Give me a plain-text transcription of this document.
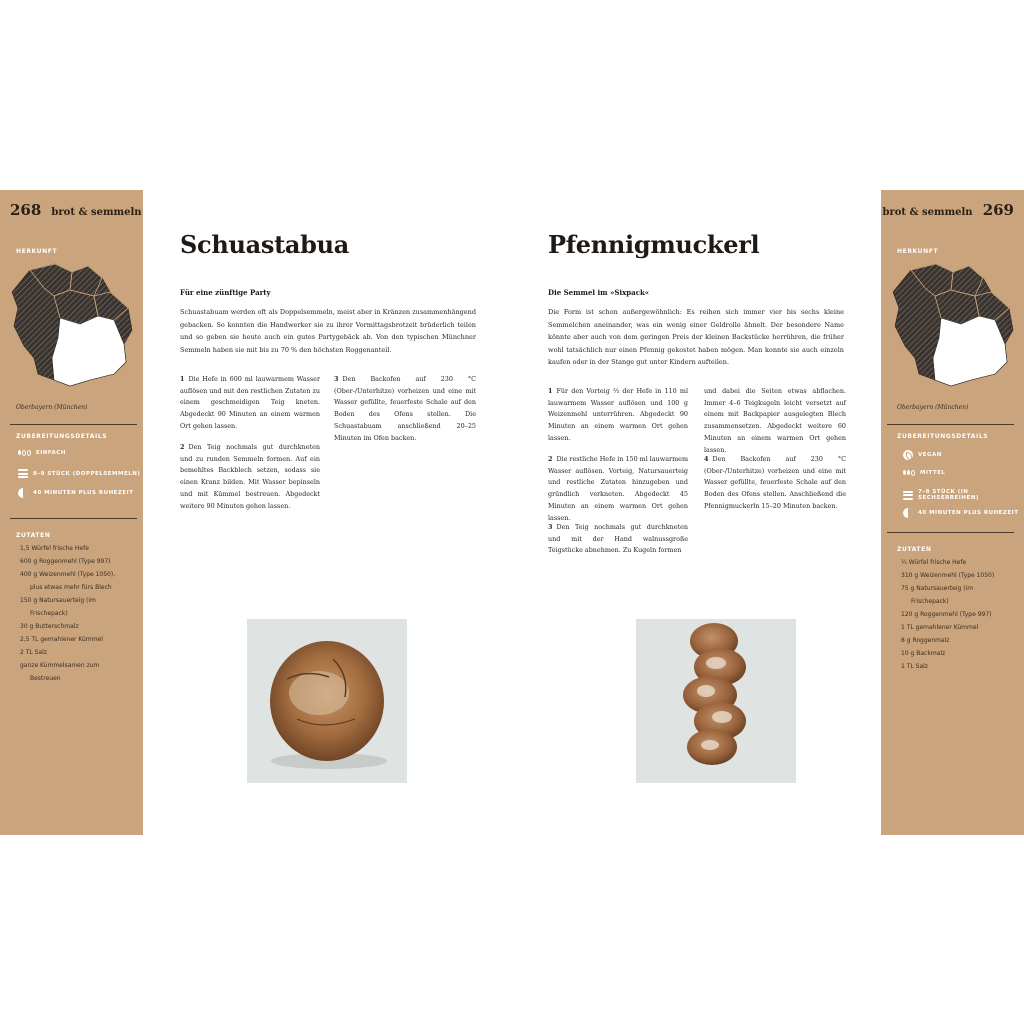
268 brot & semmeln
HERKUNFT
Oberbayern (München)
ZUBEREITUNGSDETAILS
EINFACH
8–9 STÜCK (DOPPELSEMMELN)
40 MINUTEN PLUS RUHEZEIT
ZUTATEN
1,5 Würfel frische Hefe
600 g Roggenmehl (Type 997)
400 g Weizenmehl (Type 1050),
plus etwas mehr fürs Blech
150 g Natursauerteig (im
Frischepack)
30 g Butterschmalz
2,5 TL gemahlener Kümmel
2 TL Salz
ganze Kümmelsamen zum
Bestreuen
Schuastabua
Für eine zünftige Party
Schuastabuam werden oft als Doppelsemmeln, meist aber in Kränzen zusammenhängend gebacken. So konnten die Handwerker sie zu ihrer Vormittagsbrotzeit brüderlich teilen und so geben sie heute auch ein gutes Partygebäck ab. Von den typischen Münchner Semmeln haben sie mit bis zu 70 % den höchsten Roggenanteil.
1 Die Hefe in 600 ml lauwarmem Wasser auflösen und mit den restlichen Zutaten zu einem geschmeidigen Teig kneten. Abgedeckt 90 Minuten an einem warmen Ort gehen lassen.
2 Den Teig nochmals gut durchkneten und zu runden Semmeln formen. Auf ein bemehltes Backblech setzen, sodass sie einen Kranz bilden. Mit Wasser bepinseln und mit Kümmel bestreuen. Abgedeckt weitere 90 Minuten gehen lassen.
3 Den Backofen auf 230 °C (Ober-/Unterhitze) vorheizen und eine mit Wasser gefüllte, feuerfeste Schale auf den Boden des Ofens stellen. Die Schuastabuam anschließend 20–25 Minuten im Ofen backen.
Pfennigmuckerl
Die Semmel im »Sixpack«
Die Form ist schon außergewöhnlich: Es reihen sich immer vier bis sechs kleine Semmelchen aneinander, was ein wenig einer Geldrolle ähnelt. Der besondere Name könnte aber auch von dem geringen Preis der kleinen Backstücke herrühren, die früher wohl tatsächlich nur einen Pfennig gekostet haben mögen. Man konnte sie auch einzeln kaufen oder in der Stange gut unter Kindern aufteilen.
1 Für den Vorteig ⅔ der Hefe in 110 ml lauwarmem Wasser auflösen und 100 g Weizenmehl unterrühren. Abgedeckt 90 Minuten an einem warmen Ort gehen lassen.
2 Die restliche Hefe in 150 ml lauwarmem Wasser auflösen. Vorteig, Natursauerteig und restliche Zutaten hinzugeben und gründlich verkneten. Abgedeckt 45 Minuten an einem warmen Ort gehen lassen.
3 Den Teig nochmals gut durchkneten und mit der Hand walnussgroße Teigstücke abnehmen. Zu Kugeln formen
und dabei die Seiten etwas abflachen. Immer 4–6 Teigkugeln leicht versetzt auf einem mit Backpapier ausgelegten Blech zusammensetzen. Abgedeckt weitere 60 Minuten an einem warmen Ort gehen lassen.
4 Den Backofen auf 230 °C (Ober-/Unterhitze) vorheizen und eine mit Wasser gefüllte, feuerfeste Schale auf den Boden des Ofens stellen. Anschließend die Pfennigmuckerln 15–20 Minuten backen.
brot & semmeln 269
HERKUNFT
Oberbayern (München)
ZUBEREITUNGSDETAILS
VEGAN
MITTEL
7–8 STÜCK (IN SECHSERREIHEN)
40 MINUTEN PLUS RUHEZEIT
ZUTATEN
¼ Würfel frische Hefe
310 g Weizenmehl (Type 1050)
75 g Natursauerteig (im
Frischepack)
120 g Roggenmehl (Type 997)
1 TL gemahlener Kümmel
8 g Roggenmalz
10 g Backmalz
1 TL Salz
